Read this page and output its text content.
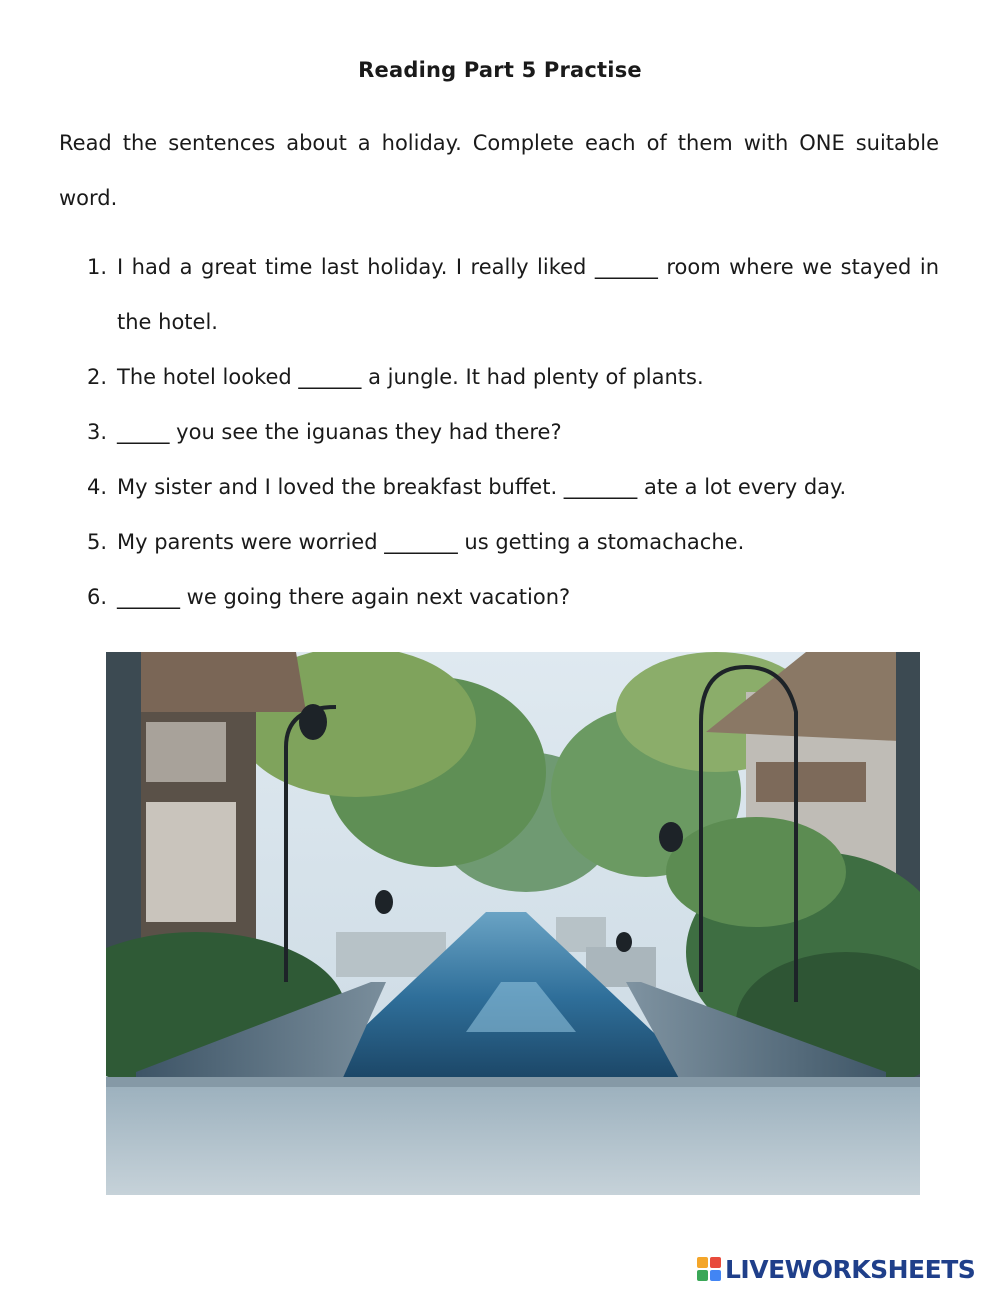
Reading Part 5 Practise
Read the sentences about a holiday. Complete each of them with ONE suitable word.
1. I had a great time last holiday. I really liked ______ room where we stayed in the hotel.
2. The hotel looked ______ a jungle. It had plenty of plants.
3. _____ you see the iguanas they had there?
4. My sister and I loved the breakfast buffet. _______ ate a lot every day.
5. My parents were worried _______ us getting a stomachache.
6. ______ we going there again next vacation?
LIVEWORKSHEETS
